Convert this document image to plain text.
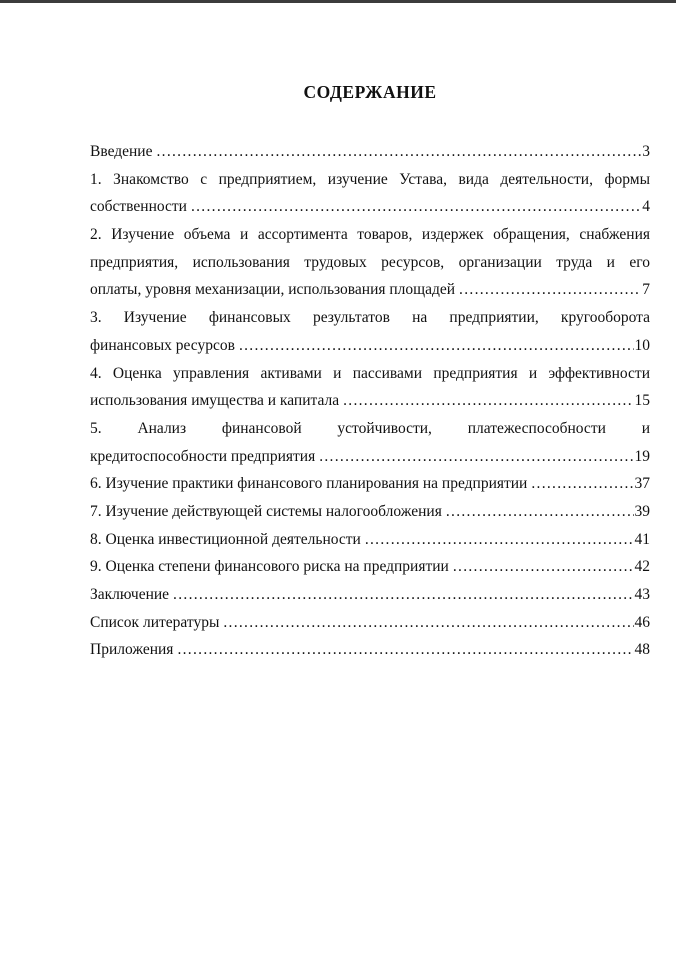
СОДЕРЖАНИЕ
Введение .....	3
1. Знакомство с предприятием, изучение Устава, вида деятельности, формы
собственности .....	4
2. Изучение объема и ассортимента товаров, издержек обращения, снабжения
предприятия, использования трудовых ресурсов, организации труда и его
оплаты, уровня механизации, использования площадей .....	7
3. Изучение финансовых результатов на предприятии, кругооборота
финансовых ресурсов .....	10
4. Оценка управления активами и пассивами предприятия и эффективности
использования имущества и капитала .....	15
5. Анализ финансовой устойчивости, платежеспособности и
кредитоспособности предприятия .....	19
6. Изучение практики финансового планирования на предприятии .....	37
7. Изучение действующей системы налогообложения .....	39
8. Оценка инвестиционной деятельности .....	41
9. Оценка степени финансового риска на предприятии .....	42
Заключение .....	43
Список литературы .....	46
Приложения .....	48
